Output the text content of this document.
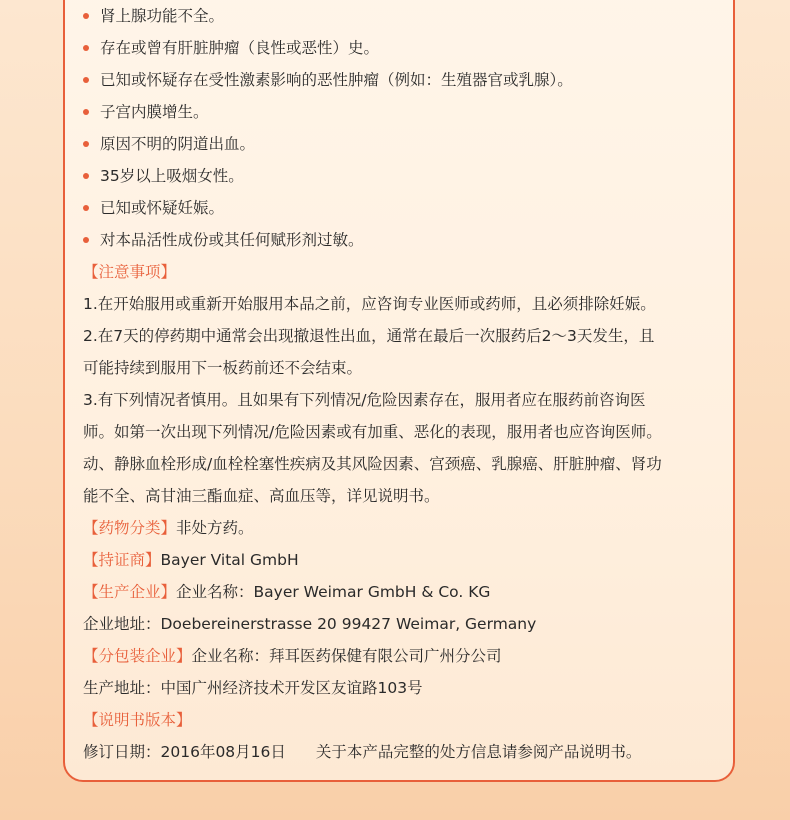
肾上腺功能不全。
存在或曾有肝脏肿瘤（良性或恶性）史。
已知或怀疑存在受性激素影响的恶性肿瘤（例如：生殖器官或乳腺）。
子宫内膜增生。
原因不明的阴道出血。
35岁以上吸烟女性。
已知或怀疑妊娠。
对本品活性成份或其任何赋形剂过敏。
【注意事项】
1.在开始服用或重新开始服用本品之前，应咨询专业医师或药师，且必须排除妊娠。
2.在7天的停药期中通常会出现撤退性出血，通常在最后一次服药后2～3天发生，且
可能持续到服用下一板药前还不会结束。
3.有下列情况者慎用。且如果有下列情况/危险因素存在，服用者应在服药前咨询医
师。如第一次出现下列情况/危险因素或有加重、恶化的表现，服用者也应咨询医师。
动、静脉血栓形成/血栓栓塞性疾病及其风险因素、宫颈癌、乳腺癌、肝脏肿瘤、肾功
能不全、高甘油三酯血症、高血压等，详见说明书。
【药物分类】非处方药。
【持证商】Bayer Vital GmbH
【生产企业】企业名称：Bayer Weimar GmbH & Co. KG
企业地址：Doebereinerstrasse 20 99427 Weimar, Germany
【分包装企业】企业名称：拜耳医药保健有限公司广州分公司
生产地址：中国广州经济技术开发区友谊路103号
【说明书版本】
修订日期：2016年08月16日 关于本产品完整的处方信息请参阅产品说明书。
